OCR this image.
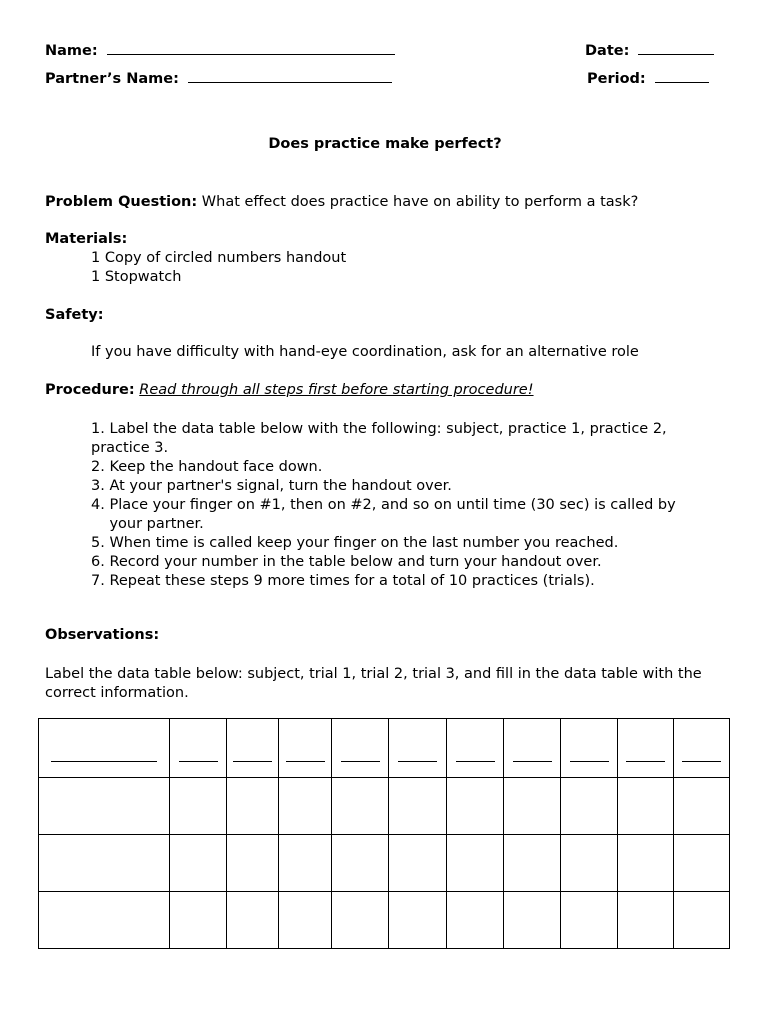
Name:	Date:
Partner’s Name:	Period:
Does practice make perfect?
Problem Question: What effect does practice have on ability to perform a task?
Materials:
1 Copy of circled numbers handout
1 Stopwatch
Safety:
If you have difficulty with hand-eye coordination, ask for an alternative role
Procedure: Read through all steps first before starting procedure!
1. Label the data table below with the following: subject, practice 1, practice 2, practice 3.
2. Keep the handout face down.
3. At your partner's signal, turn the handout over.
4. Place your finger on #1, then on #2, and so on until time (30 sec) is called by your partner.
5. When time is called keep your finger on the last number you reached.
6. Record your number in the table below and turn your handout over.
7. Repeat these steps 9 more times for a total of 10 practices (trials).
Observations:
Label the data table below: subject, trial 1, trial 2, trial 3, and fill in the data table with the correct information.
